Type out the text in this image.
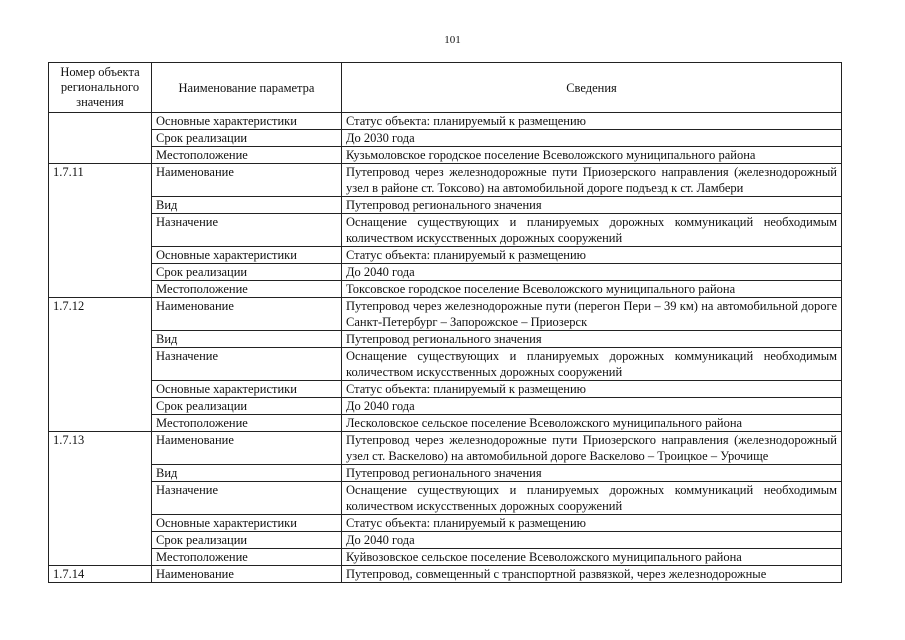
101
Номер объекта регионального значения	Наименование параметра	Сведения
	Основные характеристики	Статус объекта: планируемый к размещению
	Срок реализации	До 2030 года
	Местоположение	Кузьмоловское городское поселение Всеволожского муниципального района
1.7.11	Наименование	Путепровод через железнодорожные пути Приозерского направления (железнодорожный узел в районе ст. Токсово) на автомобильной дороге подъезд к ст. Ламбери
	Вид	Путепровод регионального значения
	Назначение	Оснащение существующих и планируемых дорожных коммуникаций необходимым количеством искусственных дорожных сооружений
	Основные характеристики	Статус объекта: планируемый к размещению
	Срок реализации	До 2040 года
	Местоположение	Токсовское городское поселение Всеволожского муниципального района
1.7.12	Наименование	Путепровод через железнодорожные пути (перегон Пери – 39 км) на автомобильной дороге Санкт-Петербург – Запорожское – Приозерск
	Вид	Путепровод регионального значения
	Назначение	Оснащение существующих и планируемых дорожных коммуникаций необходимым количеством искусственных дорожных сооружений
	Основные характеристики	Статус объекта: планируемый к размещению
	Срок реализации	До 2040 года
	Местоположение	Лесколовское сельское поселение Всеволожского муниципального района
1.7.13	Наименование	Путепровод через железнодорожные пути Приозерского направления (железнодорожный узел ст. Васкелово) на автомобильной дороге Васкелово – Троицкое – Урочище
	Вид	Путепровод регионального значения
	Назначение	Оснащение существующих и планируемых дорожных коммуникаций необходимым количеством искусственных дорожных сооружений
	Основные характеристики	Статус объекта: планируемый к размещению
	Срок реализации	До 2040 года
	Местоположение	Куйвозовское сельское поселение Всеволожского муниципального района
1.7.14	Наименование	Путепровод, совмещенный с транспортной развязкой, через железнодорожные
